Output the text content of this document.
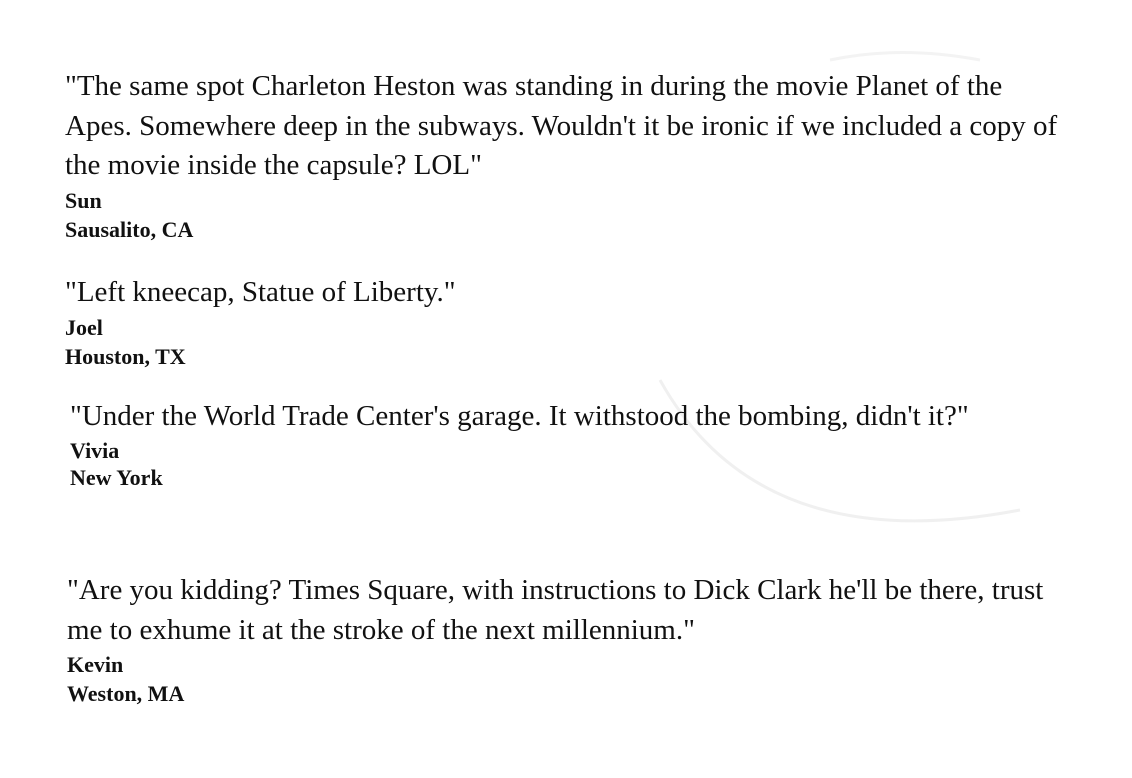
"The same spot Charleton Heston was standing in during the movie Planet of the Apes. Somewhere deep in the subways. Wouldn't it be ironic if we included a copy of the movie inside the capsule? LOL"

Sun

Sausalito, CA

"Left kneecap, Statue of Liberty."

Joel

Houston, TX

"Under the World Trade Center's garage. It withstood the bombing, didn't it?"

Vivia

New York

"Are you kidding? Times Square, with instructions to Dick Clark he'll be there, trust me to exhume it at the stroke of the next millennium."

Kevin

Weston, MA
